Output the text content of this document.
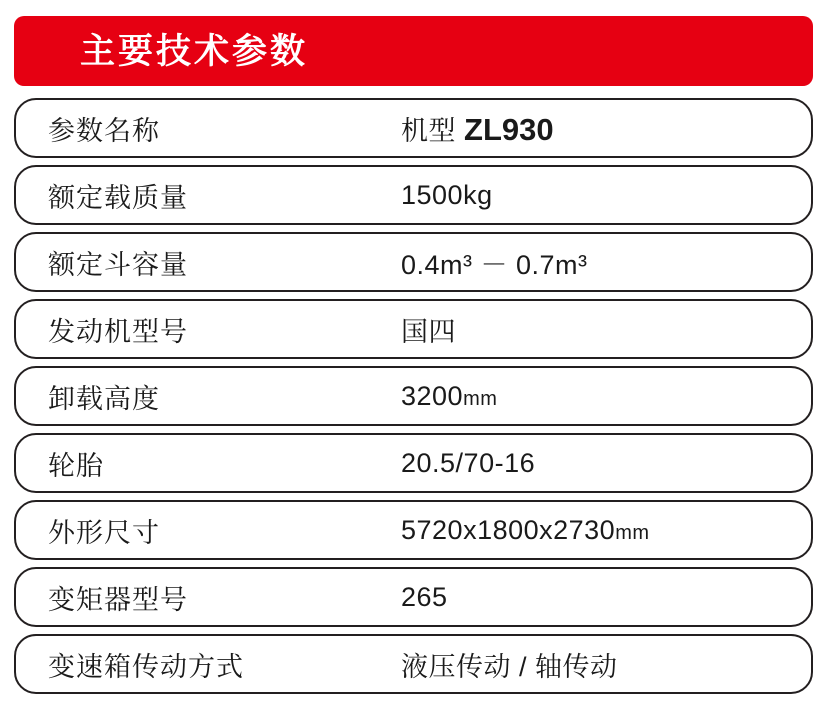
主要技术参数
参数名称	机型 ZL930
额定载质量	1500kg
额定斗容量	0.4m³ － 0.7m³
发动机型号	国四
卸载高度	3200mm
轮胎	20.5/70-16
外形尺寸	5720x1800x2730mm
变矩器型号	265
变速箱传动方式	液压传动 / 轴传动
